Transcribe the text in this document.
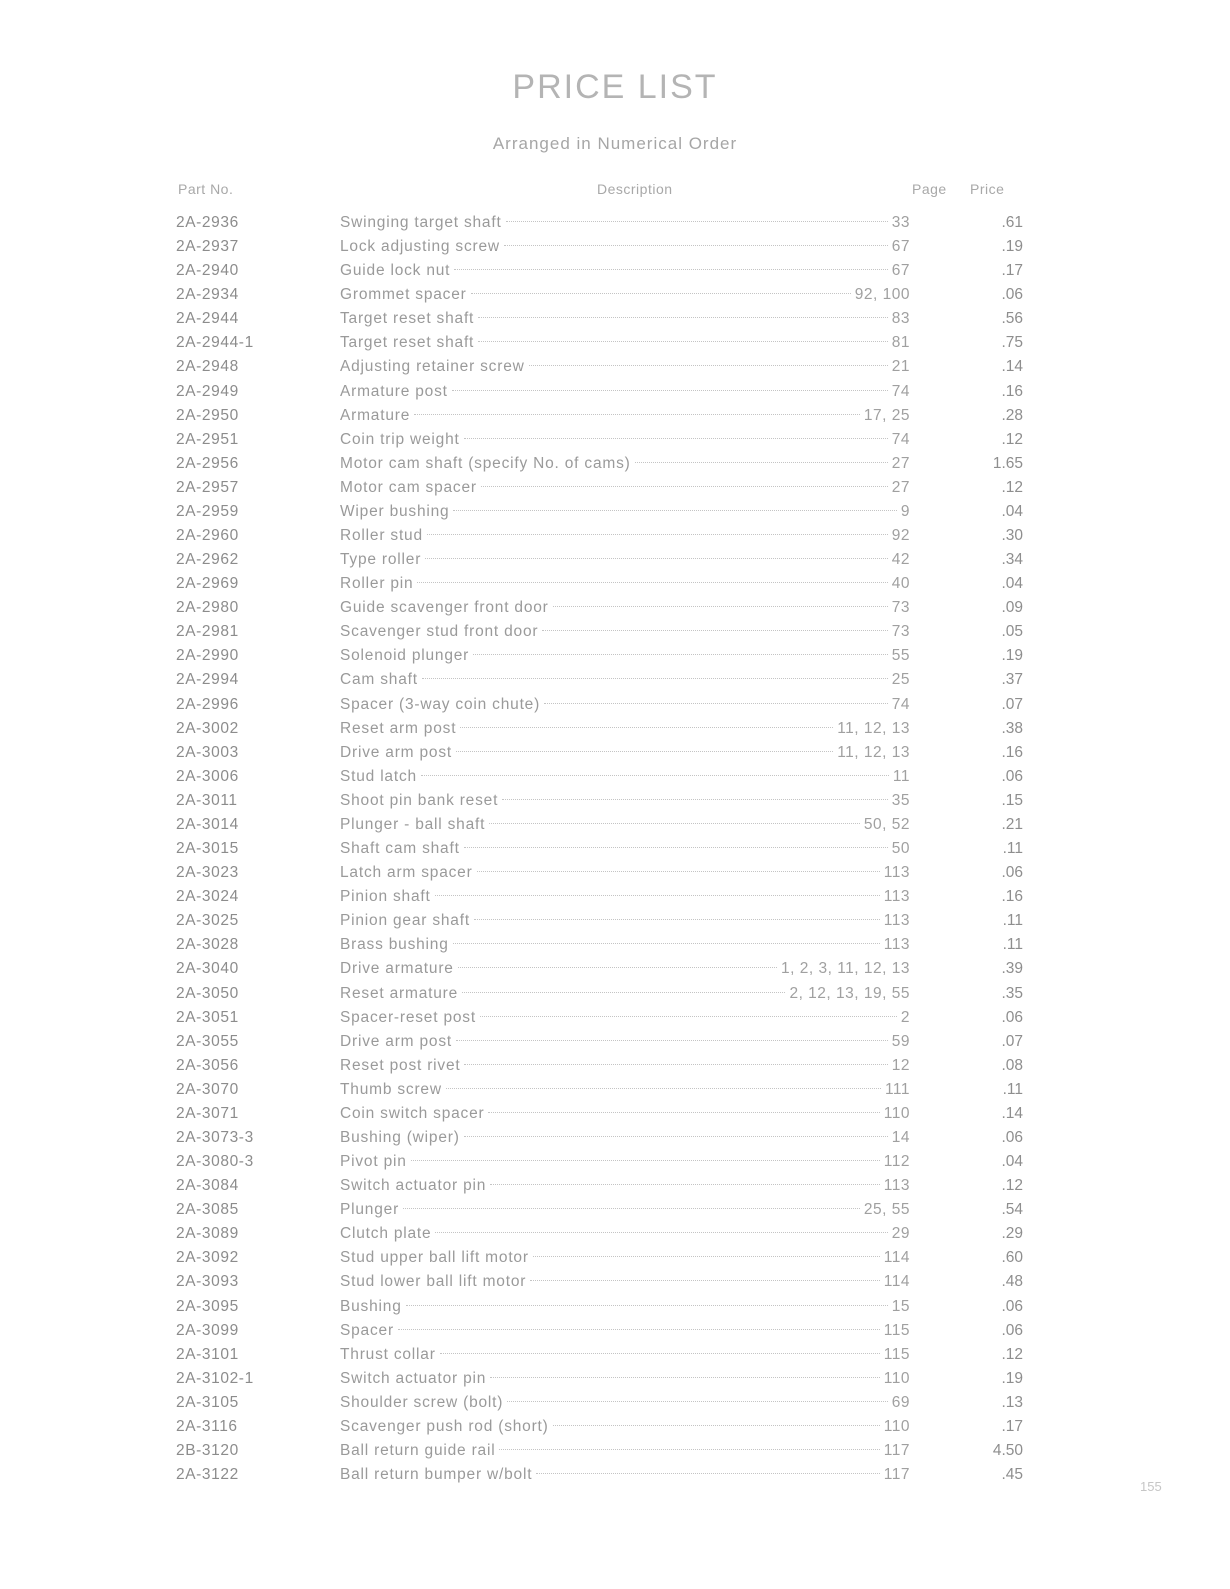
PRICE LIST
Arranged in Numerical Order
Part No.	Description	Page Price
2A-2936	Swinging target shaft	33	.61
2A-2937	Lock adjusting screw	67	.19
2A-2940	Guide lock nut	67	.17
2A-2934	Grommet spacer	92, 100	.06
2A-2944	Target reset shaft	83	.56
2A-2944-1	Target reset shaft	81	.75
2A-2948	Adjusting retainer screw	21	.14
2A-2949	Armature post	74	.16
2A-2950	Armature	17, 25	.28
2A-2951	Coin trip weight	74	.12
2A-2956	Motor cam shaft (specify No. of cams)	27	1.65
2A-2957	Motor cam spacer	27	.12
2A-2959	Wiper bushing	9	.04
2A-2960	Roller stud	92	.30
2A-2962	Type roller	42	.34
2A-2969	Roller pin	40	.04
2A-2980	Guide scavenger front door	73	.09
2A-2981	Scavenger stud front door	73	.05
2A-2990	Solenoid plunger	55	.19
2A-2994	Cam shaft	25	.37
2A-2996	Spacer (3-way coin chute)	74	.07
2A-3002	Reset arm post	11, 12, 13	.38
2A-3003	Drive arm post	11, 12, 13	.16
2A-3006	Stud latch	11	.06
2A-3011	Shoot pin bank reset	35	.15
2A-3014	Plunger - ball shaft	50, 52	.21
2A-3015	Shaft cam shaft	50	.11
2A-3023	Latch arm spacer	113	.06
2A-3024	Pinion shaft	113	.16
2A-3025	Pinion gear shaft	113	.11
2A-3028	Brass bushing	113	.11
2A-3040	Drive armature	1, 2, 3, 11, 12, 13	.39
2A-3050	Reset armature	2, 12, 13, 19, 55	.35
2A-3051	Spacer-reset post	2	.06
2A-3055	Drive arm post	59	.07
2A-3056	Reset post rivet	12	.08
2A-3070	Thumb screw	111	.11
2A-3071	Coin switch spacer	110	.14
2A-3073-3	Bushing (wiper)	14	.06
2A-3080-3	Pivot pin	112	.04
2A-3084	Switch actuator pin	113	.12
2A-3085	Plunger	25, 55	.54
2A-3089	Clutch plate	29	.29
2A-3092	Stud upper ball lift motor	114	.60
2A-3093	Stud lower ball lift motor	114	.48
2A-3095	Bushing	15	.06
2A-3099	Spacer	115	.06
2A-3101	Thrust collar	115	.12
2A-3102-1	Switch actuator pin	110	.19
2A-3105	Shoulder screw (bolt)	69	.13
2A-3116	Scavenger push rod (short)	110	.17
2B-3120	Ball return guide rail	117	4.50
2A-3122	Ball return bumper w/bolt	117	.45
155
